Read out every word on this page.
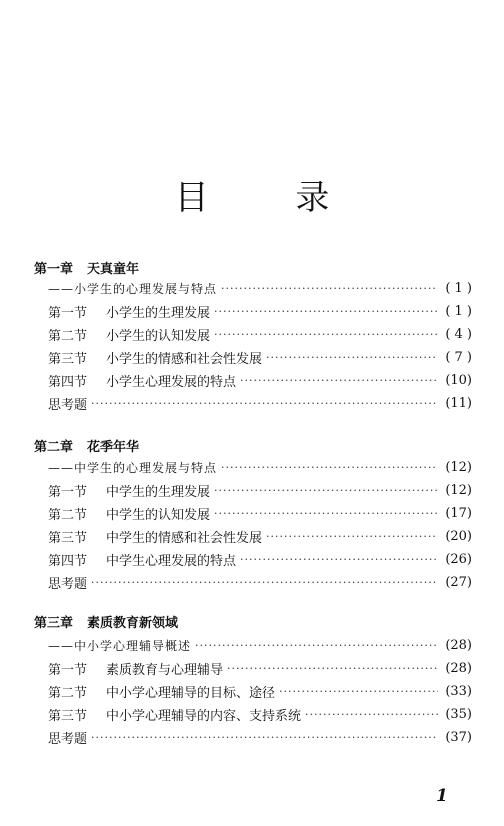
目 录
第一章 天真童年
——小学生的心理发展与特点 ·····	( 1 )
第一节	小学生的生理发展 ·····	( 1 )
第二节	小学生的认知发展 ·····	( 4 )
第三节	小学生的情感和社会性发展 ·····	( 7 )
第四节	小学生心理发展的特点 ·····	(10)
思考题 ·····	(11)
第二章 花季年华
——中学生的心理发展与特点 ·····	(12)
第一节	中学生的生理发展 ·····	(12)
第二节	中学生的认知发展 ·····	(17)
第三节	中学生的情感和社会性发展 ·····	(20)
第四节	中学生心理发展的特点 ·····	(26)
思考题 ·····	(27)
第三章 素质教育新领域
——中小学心理辅导概述 ·····	(28)
第一节	素质教育与心理辅导 ·····	(28)
第二节	中小学心理辅导的目标、途径 ·····	(33)
第三节	中小学心理辅导的内容、支持系统 ·····	(35)
思考题 ·····	(37)
1
